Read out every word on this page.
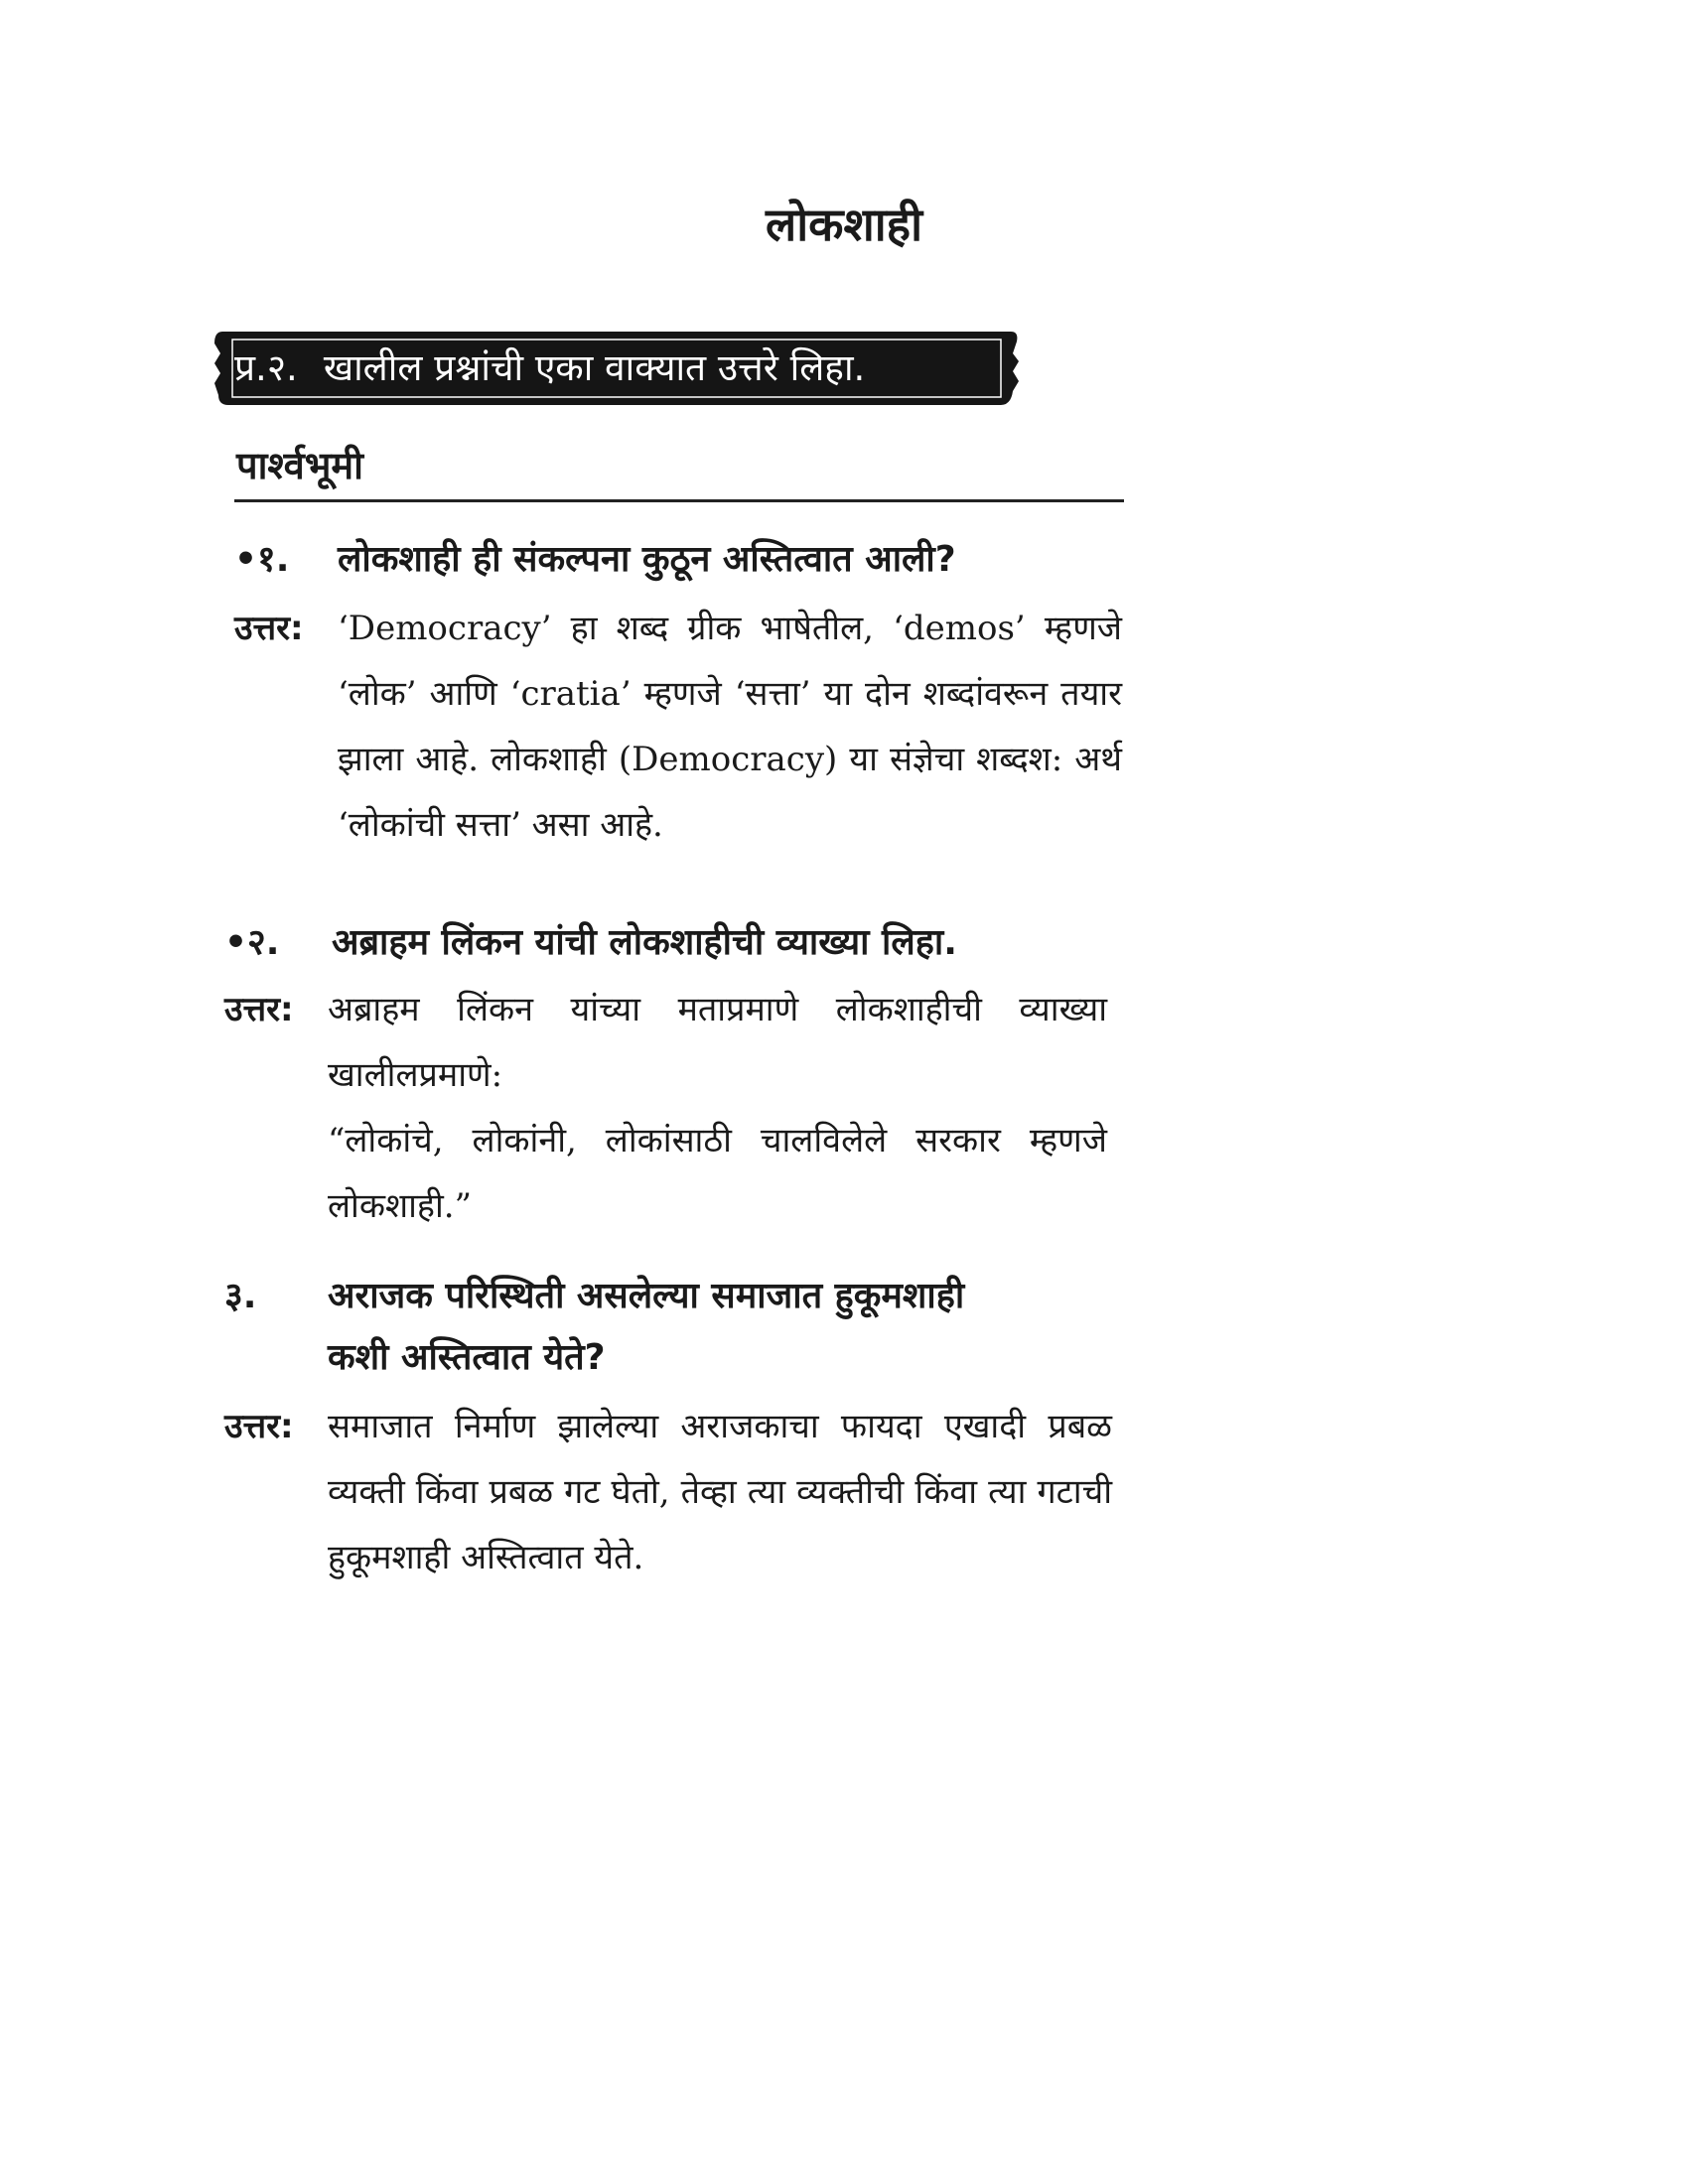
लोकशाही
प्र.२. खालील प्रश्नांची एका वाक्यात उत्तरे लिहा.
पार्श्वभूमी
•१. लोकशाही ही संकल्पना कुठून अस्तित्वात आली?
उत्तर: ‘Democracy’ हा शब्द ग्रीक भाषेतील, ‘demos’ म्हणजे ‘लोक’ आणि ‘cratia’ म्हणजे ‘सत्ता’ या दोन शब्दांवरून तयार झाला आहे. लोकशाही (Democracy) या संज्ञेचा शब्दश: अर्थ ‘लोकांची सत्ता’ असा आहे.
•२. अब्राहम लिंकन यांची लोकशाहीची व्याख्या लिहा.
उत्तर: अब्राहम लिंकन यांच्या मताप्रमाणे लोकशाहीची व्याख्या खालीलप्रमाणे:

“लोकांचे, लोकांनी, लोकांसाठी चालविलेले सरकार म्हणजे लोकशाही.”

३. अराजक परिस्थिती असलेल्या समाजात हुकूमशाही
कशी अस्तित्वात येते?
उत्तर: समाजात निर्माण झालेल्या अराजकाचा फायदा एखादी प्रबळ व्यक्ती किंवा प्रबळ गट घेतो, तेव्हा त्या व्यक्तीची किंवा त्या गटाची हुकूमशाही अस्तित्वात येते.
